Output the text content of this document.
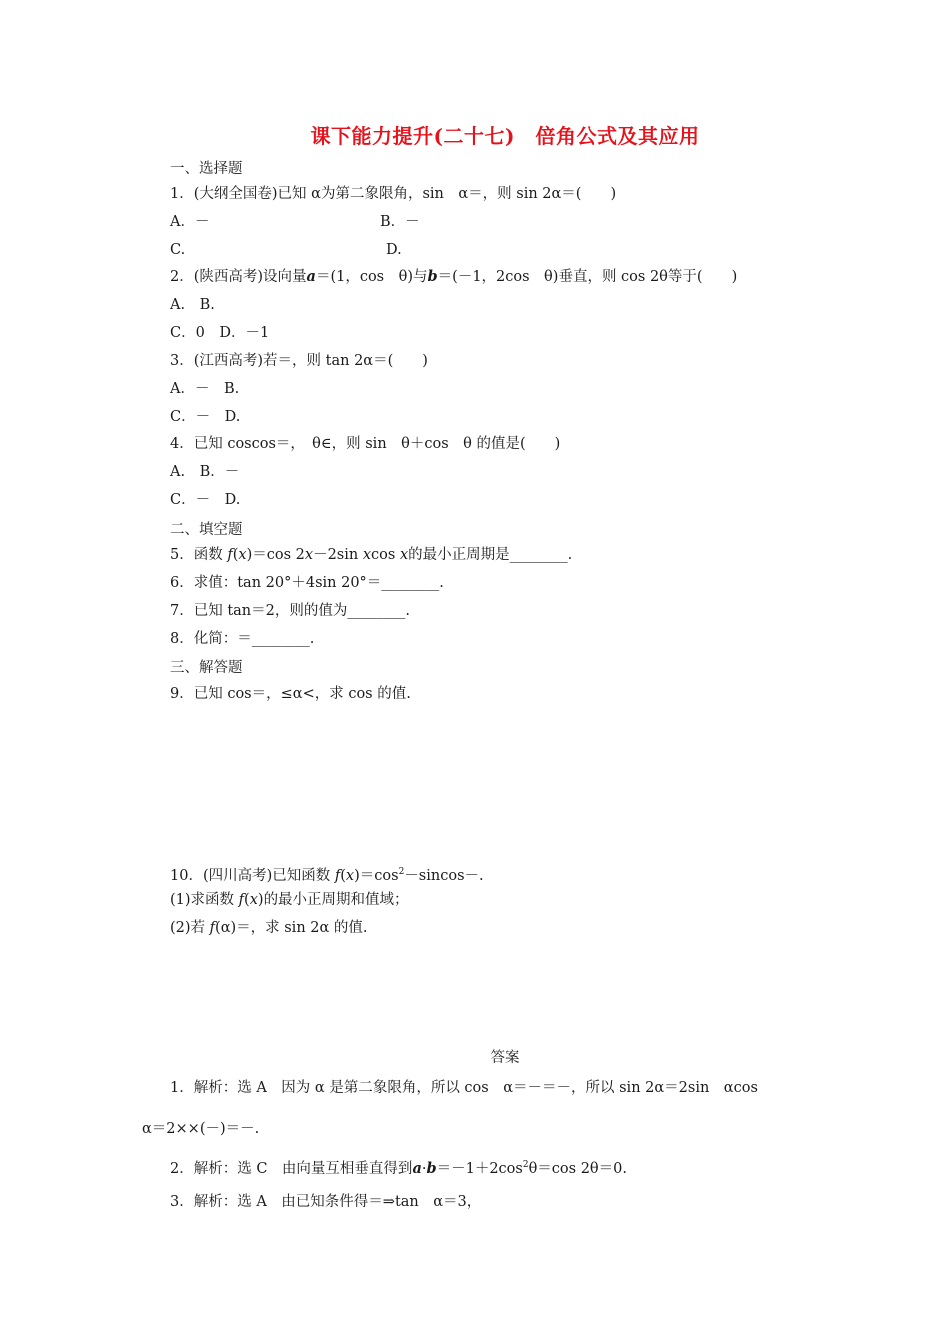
课下能力提升(二十七)　倍角公式及其应用
一、选择题
1．(大纲全国卷)已知 α为第二象限角，sin　α＝，则 sin 2α＝(　　)
A．－	B．－
C.	D.
2．(陕西高考)设向量a＝(1，cos　θ)与b＝(－1，2cos　θ)垂直，则 cos 2θ等于(　　)
A.　B.
C．0　D．－1
3．(江西高考)若＝，则 tan 2α＝(　　)
A．－　B.
C．－　D.
4．已知 coscos＝，　θ∈，则 sin　θ＋cos　θ 的值是(　　)
A.　B．－
C．－　D.
二、填空题
5．函数 f(x)＝cos 2x－2sin xcos x的最小正周期是________.
6．求值：tan 20°＋4sin 20°＝________.
7．已知 tan＝2，则的值为________.
8．化简：＝________.
三、解答题
9．已知 cos＝，≤α<，求 cos 的值.
10．(四川高考)已知函数 $f(x)=\cos^2-sincos-$.
(1)求函数 f(x)的最小正周期和值域；
(2)若 f(α)＝，求 sin 2α 的值.
答案
1．解析：选 A　因为 α 是第二象限角，所以 cos　α＝－＝－，所以 sin 2α＝2sin　αcos
α＝2××(－)＝－.
2．解析：选 C　由向量互相垂直得到$a\cdot b=-1+2\cos^2\theta=\cos$ 2θ＝0.
3．解析：选 A　由已知条件得＝⇒tan　α＝3，
